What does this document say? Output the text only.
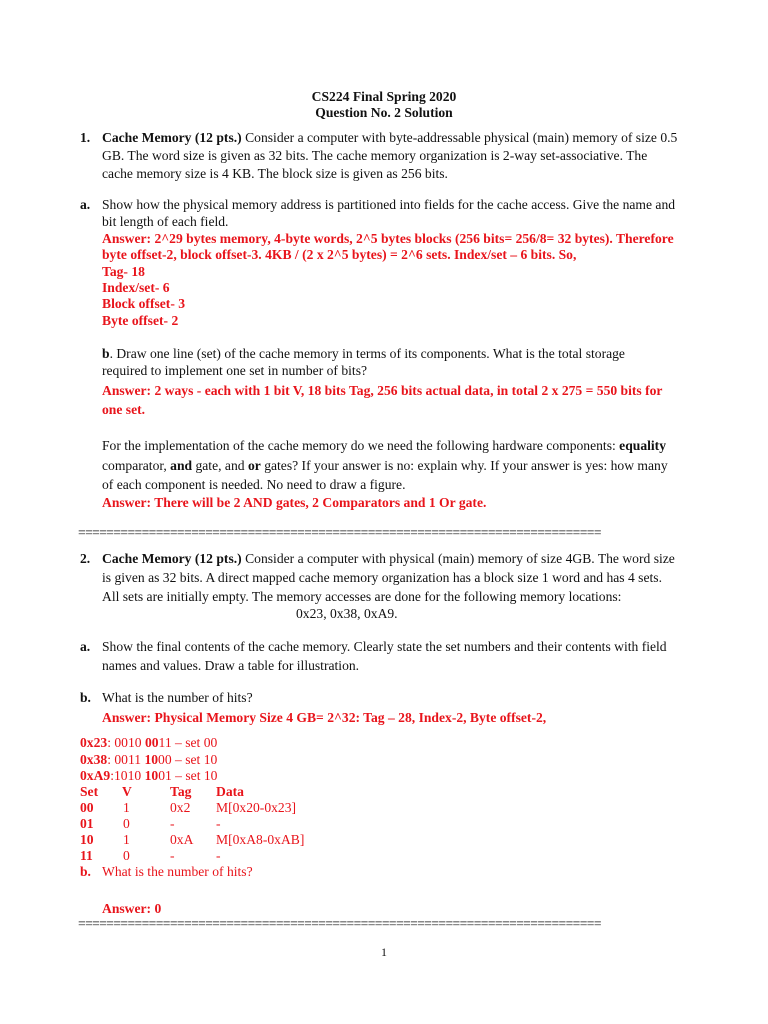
CS224 Final Spring 2020
Question No. 2 Solution
1. Cache Memory (12 pts.) Consider a computer with byte-addressable physical (main) memory of size 0.5
GB. The word size is given as 32 bits. The cache memory organization is 2-way set-associative. The
cache memory size is 4 KB. The block size is given as 256 bits.
a. Show how the physical memory address is partitioned into fields for the cache access. Give the name and
bit length of each field.
Answer: 2^29 bytes memory, 4-byte words, 2^5 bytes blocks (256 bits= 256/8= 32 bytes). Therefore
byte offset-2, block offset-3. 4KB / (2 x 2^5 bytes) = 2^6 sets. Index/set – 6 bits. So,
Tag- 18
Index/set- 6
Block offset- 3
Byte offset- 2
b. Draw one line (set) of the cache memory in terms of its components. What is the total storage
required to implement one set in number of bits?
Answer: 2 ways - each with 1 bit V, 18 bits Tag, 256 bits actual data, in total 2 x 275 = 550 bits for
one set.
For the implementation of the cache memory do we need the following hardware components: equality
comparator, and gate, and or gates? If your answer is no: explain why. If your answer is yes: how many
of each component is needed. No need to draw a figure.
Answer: There will be 2 AND gates, 2 Comparators and 1 Or gate.
==========================================================================
2. Cache Memory (12 pts.) Consider a computer with physical (main) memory of size 4GB. The word size
is given as 32 bits. A direct mapped cache memory organization has a block size 1 word and has 4 sets.
All sets are initially empty. The memory accesses are done for the following memory locations:
0x23, 0x38, 0xA9.
a. Show the final contents of the cache memory. Clearly state the set numbers and their contents with field
names and values. Draw a table for illustration.
b. What is the number of hits?
Answer: Physical Memory Size 4 GB= 2^32: Tag – 28, Index-2, Byte offset-2,
0x23: 0010 0011 – set 00
0x38: 0011 1000 – set 10
0xA9:1010 1001 – set 10
Set V	Tag Data
00 1	0x2 M[0x20-0x23]
01 0	-	-
10 1	0xA M[0xA8-0xAB]
11 0	-	-
b. What is the number of hits?
Answer: 0
==========================================================================
1
